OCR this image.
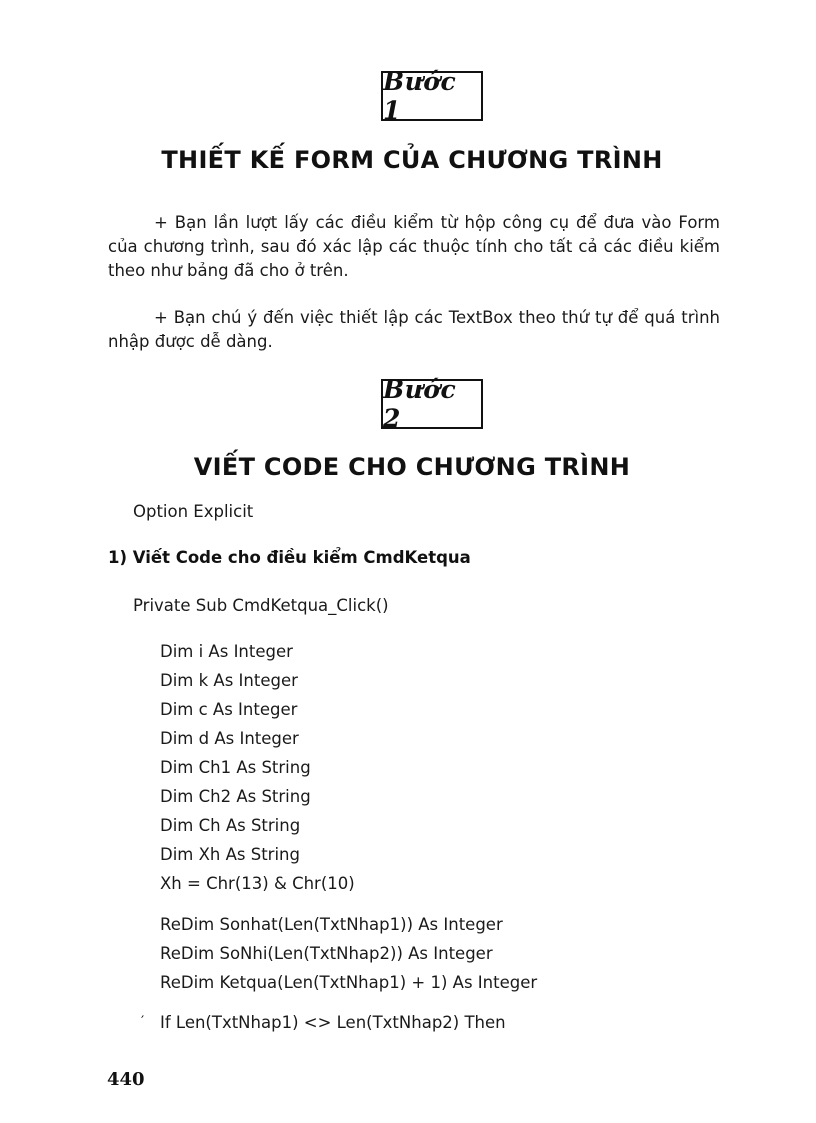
Bước 1
THIẾT KẾ FORM CỦA CHƯƠNG TRÌNH
+ Bạn lần lượt lấy các điều kiểm từ hộp công cụ để đưa vào Form của chương trình, sau đó xác lập các thuộc tính cho tất cả các điều kiểm theo như bảng đã cho ở trên.
+ Bạn chú ý đến việc thiết lập các TextBox theo thứ tự để quá trình nhập được dễ dàng.
Bước 2
VIẾT CODE CHO CHƯƠNG TRÌNH
Option Explicit
1) Viết Code cho điều kiểm CmdKetqua
Private Sub CmdKetqua_Click()
Dim i As Integer
Dim k As Integer
Dim c As Integer
Dim d As Integer
Dim Ch1 As String
Dim Ch2 As String
Dim Ch As String
Dim Xh As String
Xh = Chr(13) & Chr(10)
ReDim Sonhat(Len(TxtNhap1)) As Integer
ReDim SoNhi(Len(TxtNhap2)) As Integer
ReDim Ketqua(Len(TxtNhap1) + 1) As Integer
′ If Len(TxtNhap1) <> Len(TxtNhap2) Then
440
